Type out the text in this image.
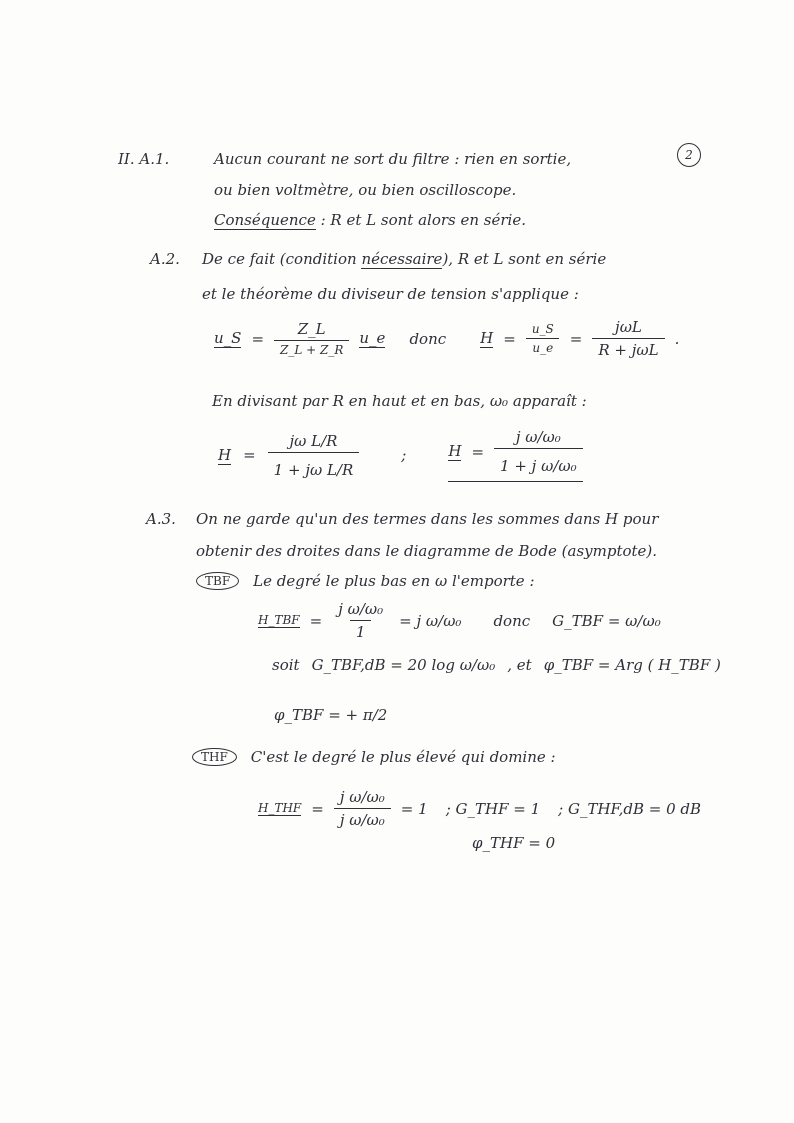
2
II. A.1.	Aucun courant ne sort du filtre : rien en sortie,
ou bien voltmètre, ou bien oscilloscope.
Conséquence : R et L sont alors en série.
A.2. De ce fait (condition nécessaire), R et L sont en série
et le théorème du diviseur de tension s'applique :
u_S = $\frac{Z\_L}{Z\_L + Z\_R}$ u_e donc $H = \frac{u\_S}{u\_e} = \frac{\text{jωL}}{\text{R + jωL}}$ .
En divisant par R en haut et en bas, ω₀ apparaît :
$H = \frac{\text{jω L/R}}{\text{1 + jω L/R}}$	;	$H = \frac{\text{j ω/ω₀}}{\text{1 + j ω/ω₀}}$
A.3. On ne garde qu'un des termes dans les sommes dans H pour
obtenir des droites dans le diagramme de Bode (asymptote).
TBF	Le degré le plus bas en ω l'emporte :
H_TBF = $\frac{\text{j ω/ω₀}}{1} = j$ ω/ω₀ donc G_TBF = ω/ω₀
soit G_TBF,dB = 20 log ω/ω₀ , et φ_TBF = Arg ( H_TBF )
φ_TBF = + π/2
THF	C'est le degré le plus élevé qui domine :
H_THF = $\frac{\text{j ω/ω₀}}{\text{j ω/ω₀}} = 1$ ; G_THF = 1 ; G_THF,dB = 0 dB
φ_THF = 0
